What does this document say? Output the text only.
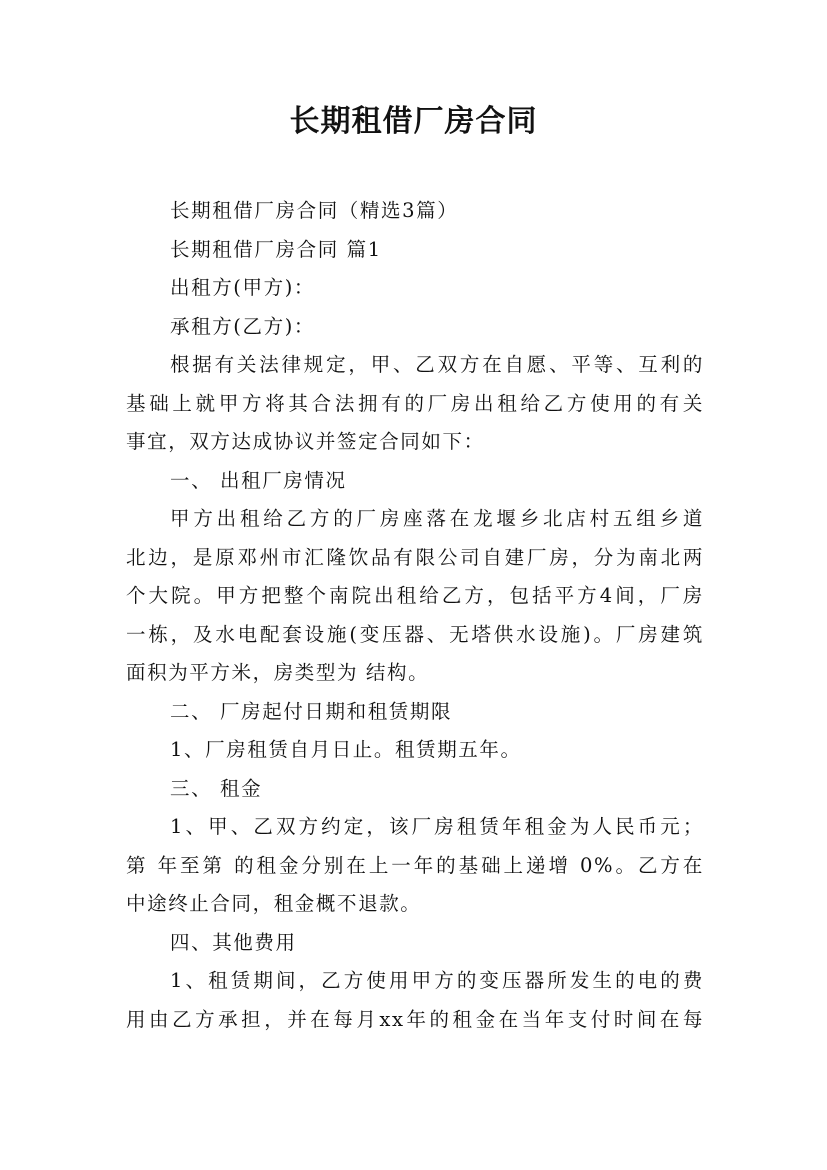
长期租借厂房合同
长期租借厂房合同（精选3篇）
长期租借厂房合同 篇1
出租方(甲方)：
承租方(乙方)：
根据有关法律规定，甲、乙双方在自愿、平等、互利的
基础上就甲方将其合法拥有的厂房出租给乙方使用的有关
事宜，双方达成协议并签定合同如下：
一、 出租厂房情况
甲方出租给乙方的厂房座落在龙堰乡北店村五组乡道
北边，是原邓州市汇隆饮品有限公司自建厂房，分为南北两
个大院。甲方把整个南院出租给乙方，包括平方4间，厂房
一栋，及水电配套设施(变压器、无塔供水设施)。厂房建筑
面积为平方米，房类型为 结构。
二、 厂房起付日期和租赁期限
1、厂房租赁自月日止。租赁期五年。
三、 租金
1、甲、乙双方约定，该厂房租赁年租金为人民币元；
第 年至第 的租金分别在上一年的基础上递增 0%。乙方在
中途终止合同，租金概不退款。
四、其他费用
1、租赁期间，乙方使用甲方的变压器所发生的电的费
用由乙方承担，并在每月xx年的租金在当年支付时间在每
